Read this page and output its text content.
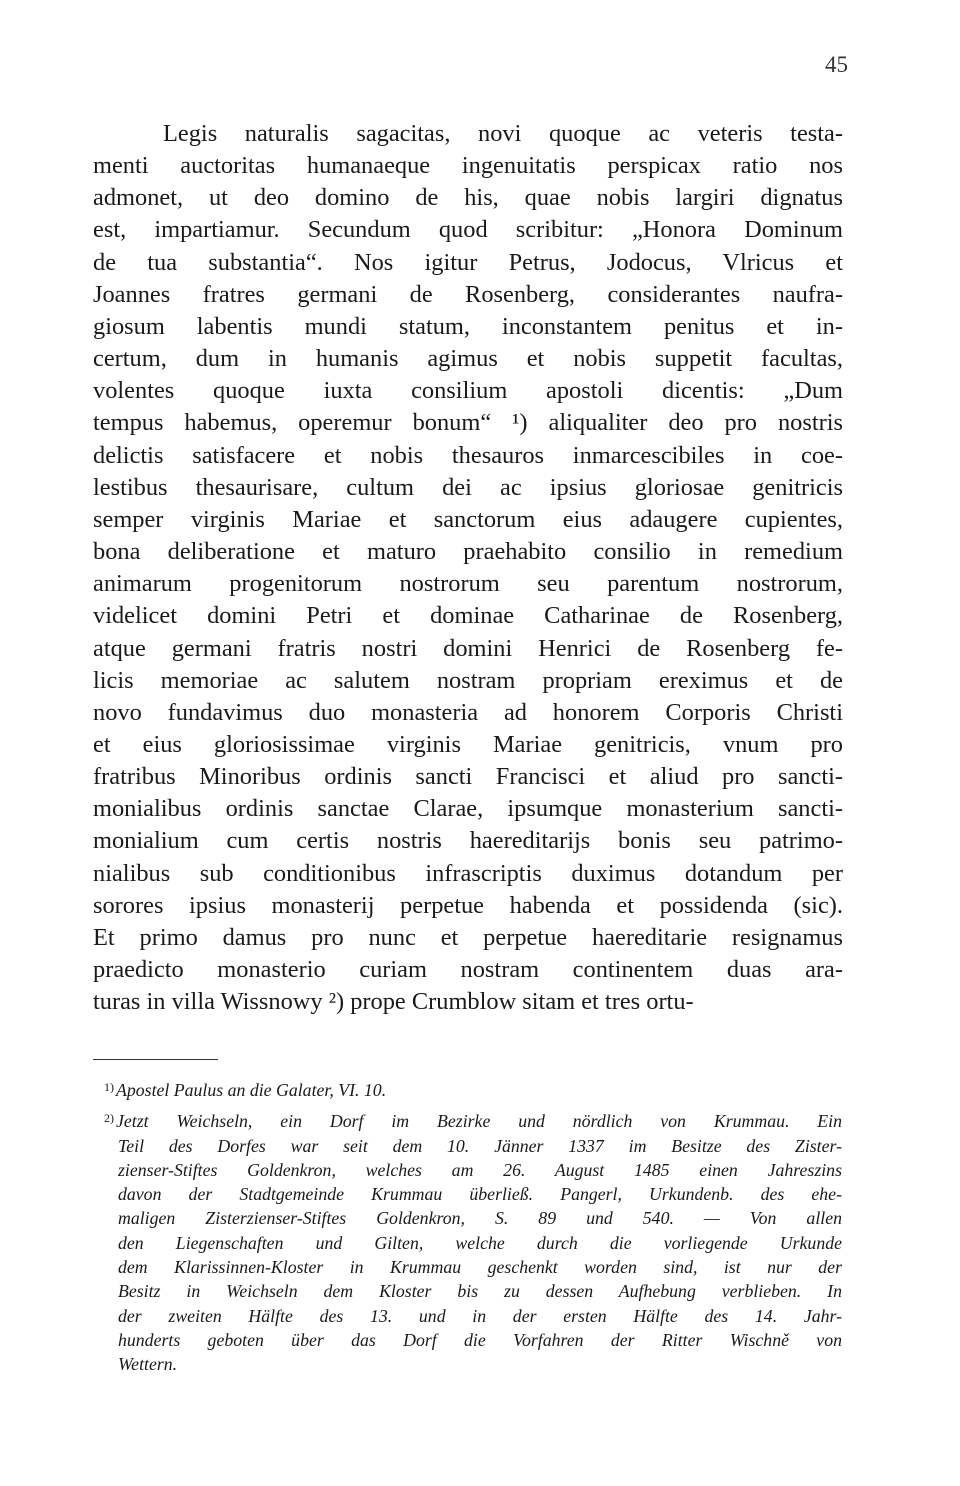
45
Legis naturalis sagacitas, novi quoque ac veteris testa-
menti auctoritas humanaeque ingenuitatis perspicax ratio nos
admonet, ut deo domino de his, quae nobis largiri dignatus
est, impartiamur. Secundum quod scribitur: „Honora Dominum
de tua substantia“. Nos igitur Petrus, Jodocus, Vlricus et
Joannes fratres germani de Rosenberg, considerantes naufra-
giosum labentis mundi statum, inconstantem penitus et in-
certum, dum in humanis agimus et nobis suppetit facultas,
volentes quoque iuxta consilium apostoli dicentis: „Dum
tempus habemus, operemur bonum“ ¹) aliqualiter deo pro nostris
delictis satisfacere et nobis thesauros inmarcescibiles in coe-
lestibus thesaurisare, cultum dei ac ipsius gloriosae genitricis
semper virginis Mariae et sanctorum eius adaugere cupientes,
bona deliberatione et maturo praehabito consilio in remedium
animarum progenitorum nostrorum seu parentum nostrorum,
videlicet domini Petri et dominae Catharinae de Rosenberg,
atque germani fratris nostri domini Henrici de Rosenberg fe-
licis memoriae ac salutem nostram propriam ereximus et de
novo fundavimus duo monasteria ad honorem Corporis Christi
et eius gloriosissimae virginis Mariae genitricis, vnum pro
fratribus Minoribus ordinis sancti Francisci et aliud pro sancti-
monialibus ordinis sanctae Clarae, ipsumque monasterium sancti-
monialium cum certis nostris haereditarijs bonis seu patrimo-
nialibus sub conditionibus infrascriptis duximus dotandum per
sorores ipsius monasterij perpetue habenda et possidenda (sic).
Et primo damus pro nunc et perpetue haereditarie resignamus
praedicto monasterio curiam nostram continentem duas ara-
turas in villa Wissnowy ²) prope Crumblow sitam et tres ortu-
$^{1)}$ Apostel Paulus an die Galater, VI. 10.
$^{2)}$ Jetzt Weichseln, ein Dorf im Bezirke und nördlich von Krummau. Ein
Teil des Dorfes war seit dem 10. Jänner 1337 im Besitze des Zister-
zienser-Stiftes Goldenkron, welches am 26. August 1485 einen Jahreszins
davon der Stadtgemeinde Krummau überließ. Pangerl, Urkundenb. des ehe-
maligen Zisterzienser-Stiftes Goldenkron, S. 89 und 540. — Von allen
den Liegenschaften und Gilten, welche durch die vorliegende Urkunde
dem Klarissinnen-Kloster in Krummau geschenkt worden sind, ist nur der
Besitz in Weichseln dem Kloster bis zu dessen Aufhebung verblieben. In
der zweiten Hälfte des 13. und in der ersten Hälfte des 14. Jahr-
hunderts geboten über das Dorf die Vorfahren der Ritter Wischně von
Wettern.
